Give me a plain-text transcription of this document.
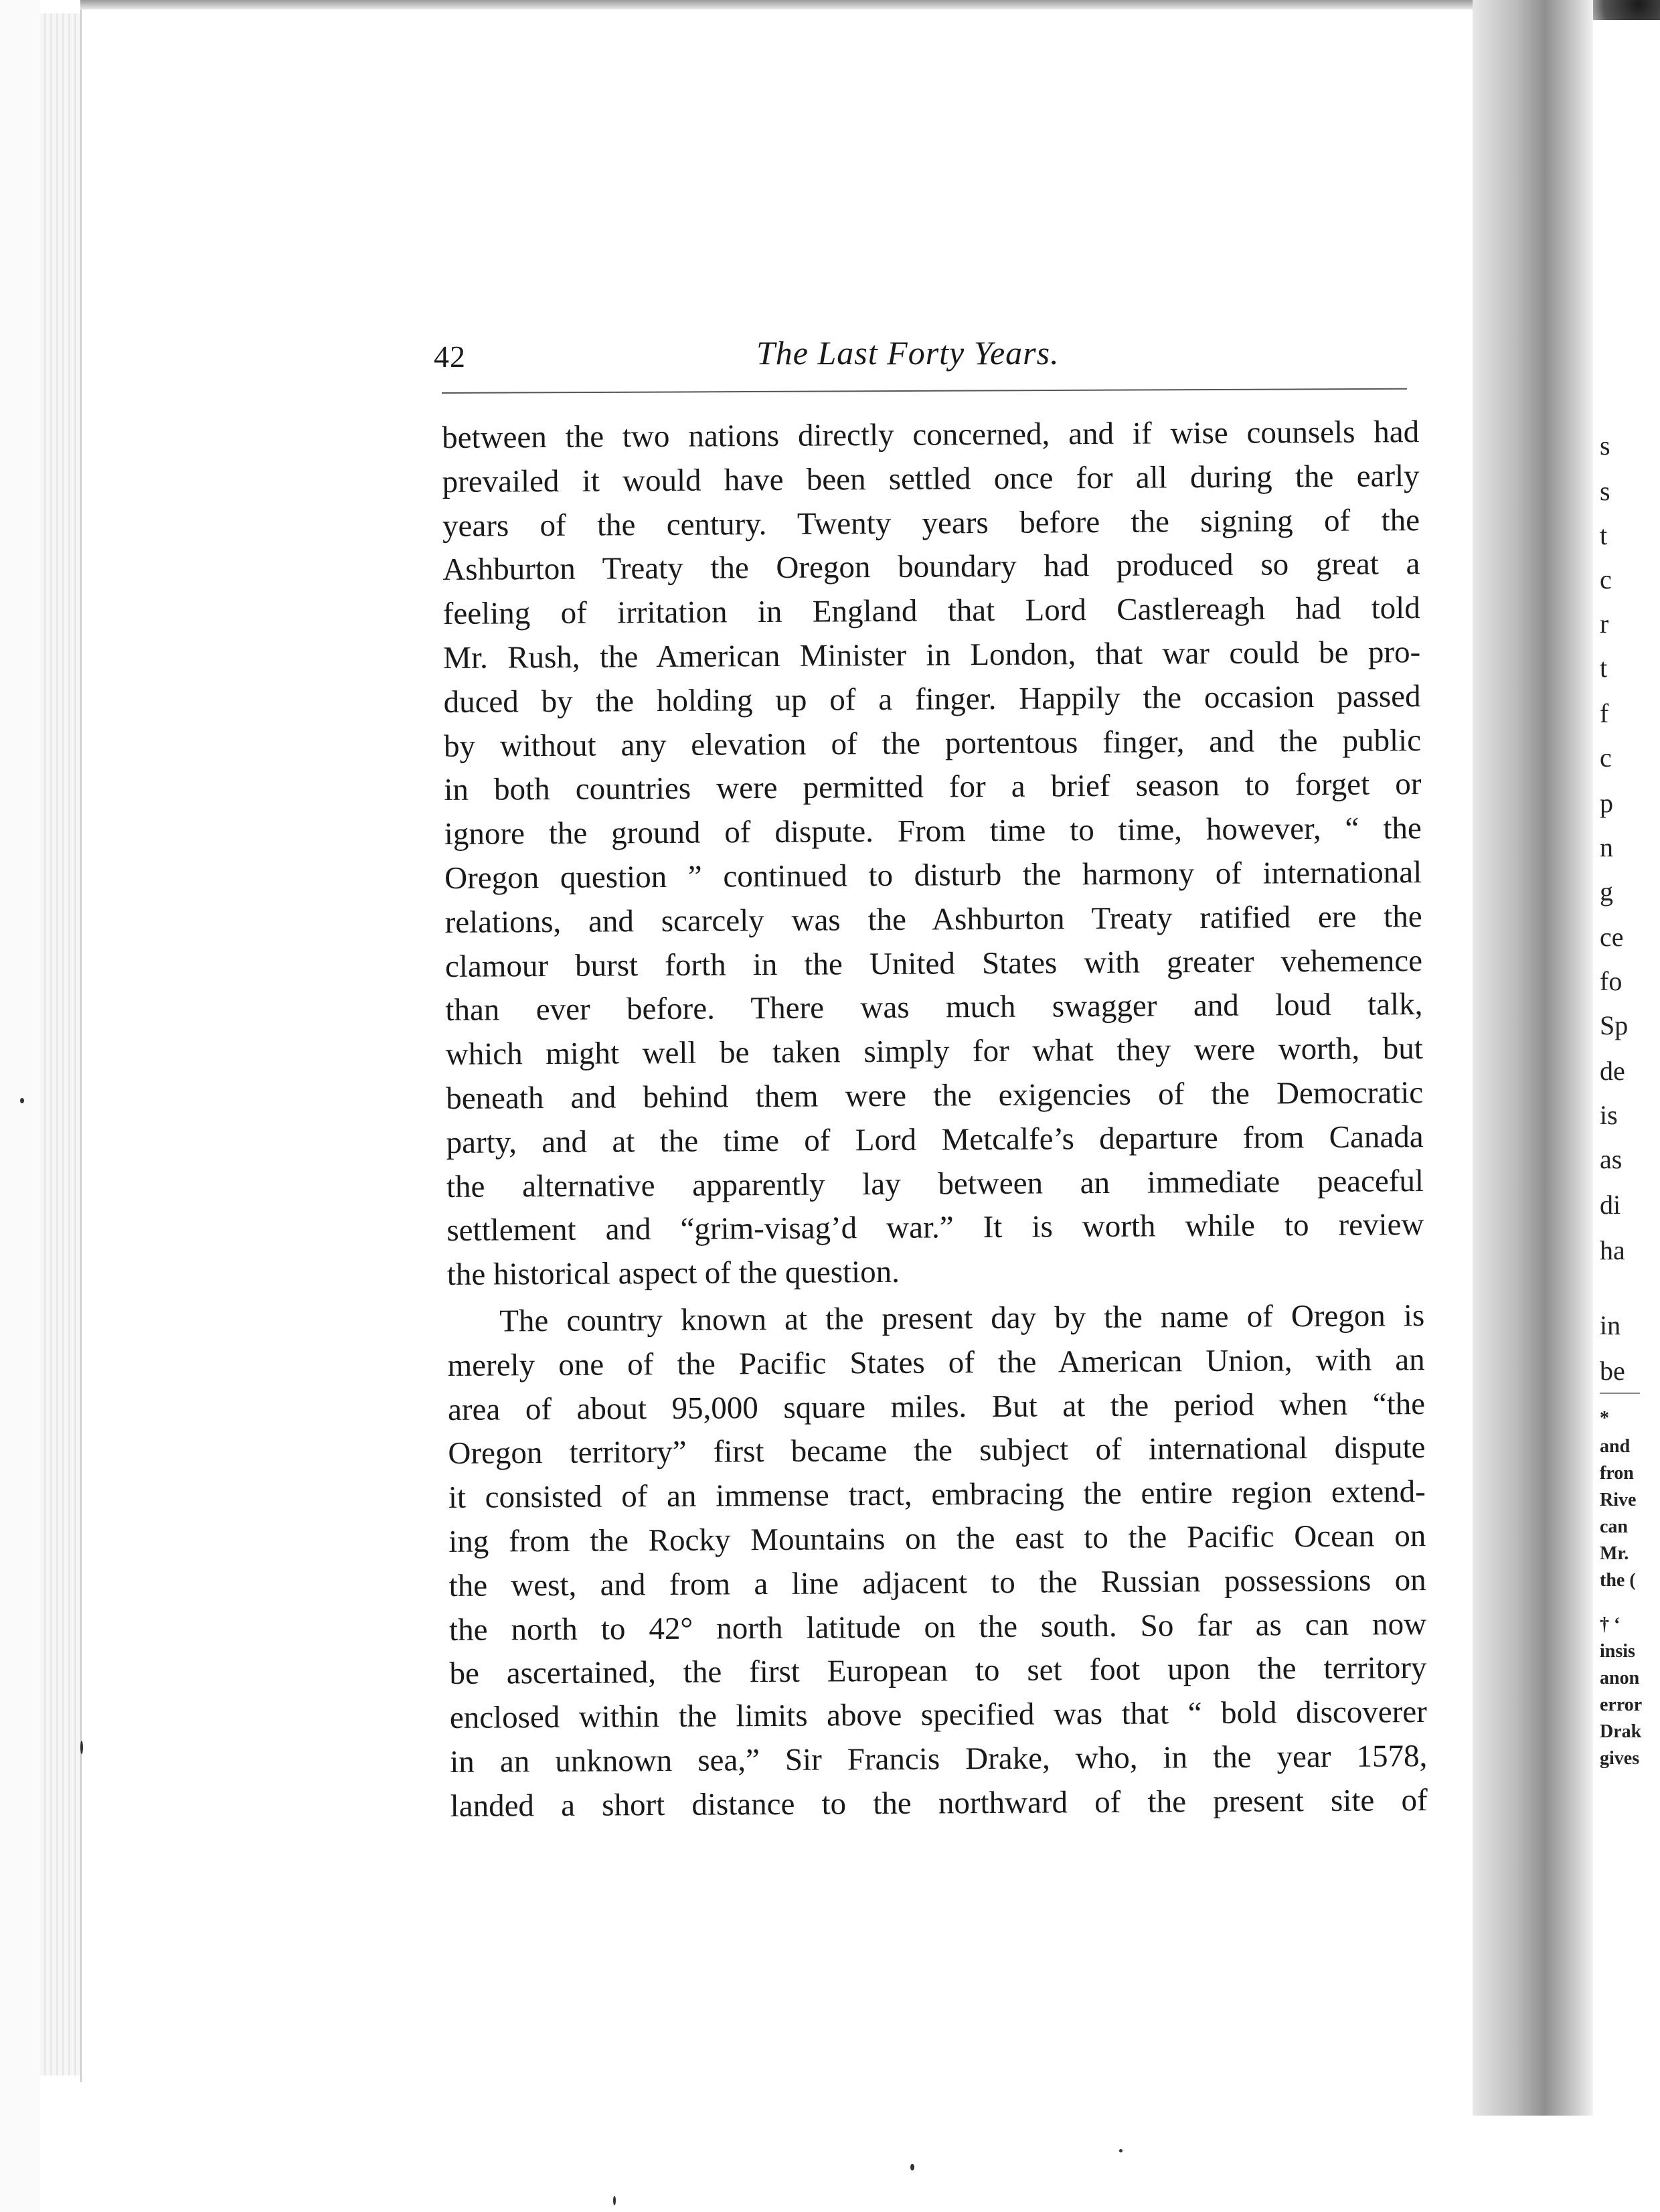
s
s
t
c
r
t
f
c
p
n
g
ce
fo
Sp
de
is
as
di
ha
in
be
*
and
fron
Rive
can
Mr.
the (
† ‘
insis
anon
error
Drak
gives
42	The Last Forty Years.
between the two nations directly concerned, and if wise counsels had
prevailed it would have been settled once for all during the early
years of the century. Twenty years before the signing of the
Ashburton Treaty the Oregon boundary had produced so great a
feeling of irritation in England that Lord Castlereagh had told
Mr. Rush, the American Minister in London, that war could be pro-
duced by the holding up of a finger. Happily the occasion passed
by without any elevation of the portentous finger, and the public
in both countries were permitted for a brief season to forget or
ignore the ground of dispute. From time to time, however, “ the
Oregon question ” continued to disturb the harmony of international
relations, and scarcely was the Ashburton Treaty ratified ere the
clamour burst forth in the United States with greater vehemence
than ever before. There was much swagger and loud talk,
which might well be taken simply for what they were worth, but
beneath and behind them were the exigencies of the Democratic
party, and at the time of Lord Metcalfe’s departure from Canada
the alternative apparently lay between an immediate peaceful
settlement and “grim-visag’d war.” It is worth while to review
the historical aspect of the question.
The country known at the present day by the name of Oregon is
merely one of the Pacific States of the American Union, with an
area of about 95,000 square miles. But at the period when “the
Oregon territory” first became the subject of international dispute
it consisted of an immense tract, embracing the entire region extend-
ing from the Rocky Mountains on the east to the Pacific Ocean on
the west, and from a line adjacent to the Russian possessions on
the north to 42° north latitude on the south. So far as can now
be ascertained, the first European to set foot upon the territory
enclosed within the limits above specified was that “ bold discoverer
in an unknown sea,” Sir Francis Drake, who, in the year 1578,
landed a short distance to the northward of the present site of
